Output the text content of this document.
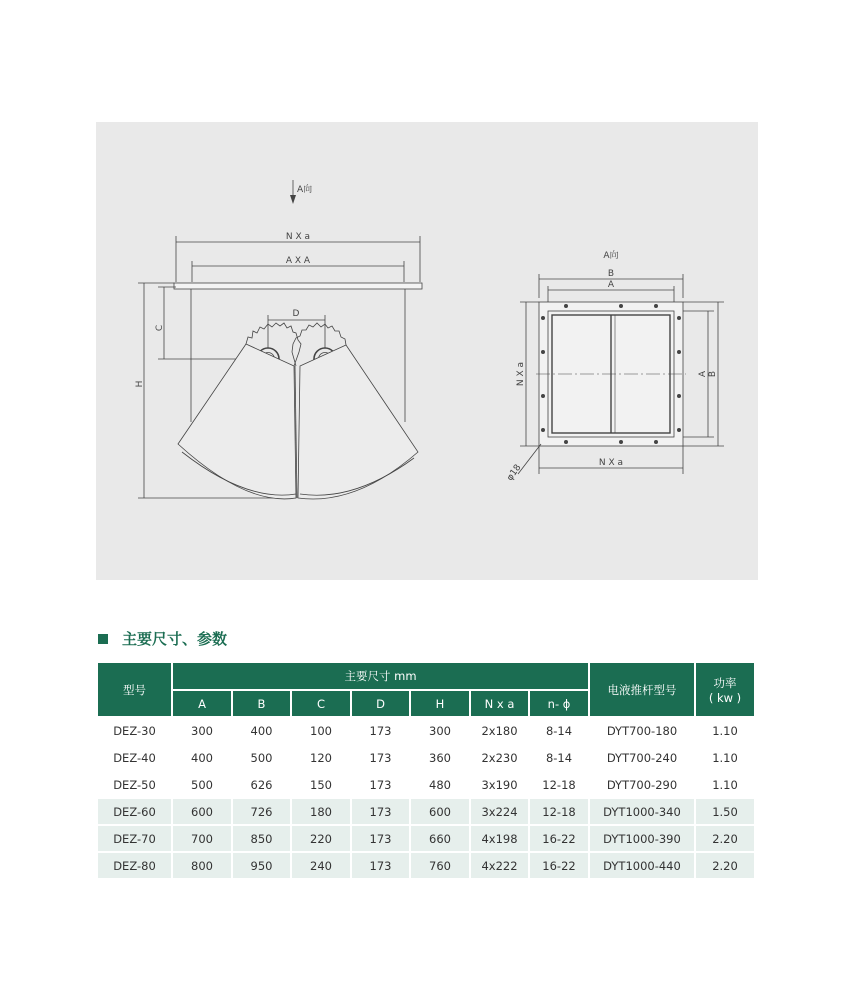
A向
N X a
A X A
D
C
H
A向
B
A
N X a	A B
N X a
φ18
主要尺寸、参数
型号	主要尺寸 mm							电液推杆型号	功率
( kw )

	A	B	C	D	H	N x a	n- ϕ		
DEZ-30	300	400	100	173	300	2x180	8-14	DYT700-180	1.10
DEZ-40	400	500	120	173	360	2x230	8-14	DYT700-240	1.10
DEZ-50	500	626	150	173	480	3x190	12-18	DYT700-290	1.10
DEZ-60	600	726	180	173	600	3x224	12-18	DYT1000-340	1.50
DEZ-70	700	850	220	173	660	4x198	16-22	DYT1000-390	2.20
DEZ-80	800	950	240	173	760	4x222	16-22	DYT1000-440	2.20
